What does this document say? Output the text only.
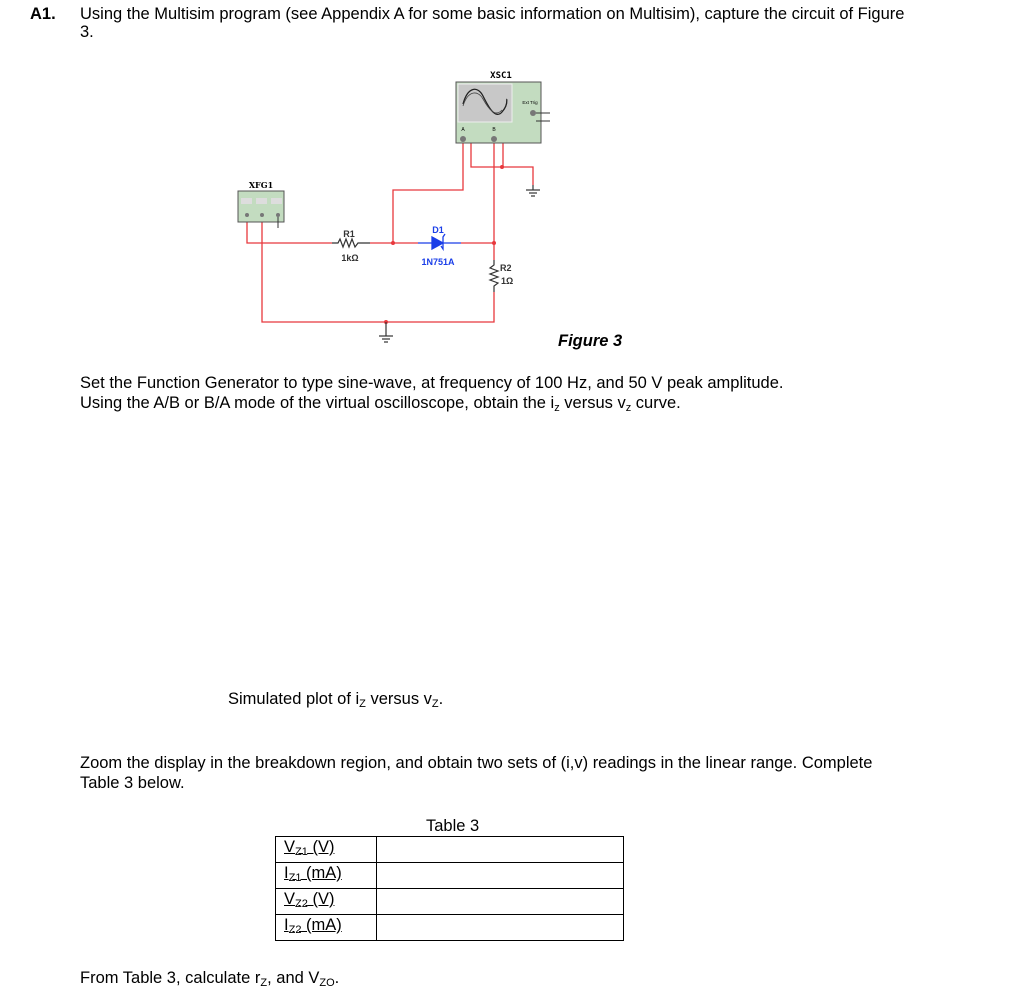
A1. Using the Multisim program (see Appendix A for some basic information on Multisim), capture the circuit of Figure
3.
XSC1
Ext Trig
A	B
XFG1
R1
1kΩ
D1
1N751A
R2
1Ω
Figure 3
Set the Function Generator to type sine-wave, at frequency of 100 Hz, and 50 V peak amplitude.
Using the A/B or B/A mode of the virtual oscilloscope, obtain the $i_z$ versus $v_z$ curve.
Simulated plot of $i_Z$ versus $v_Z$.
Zoom the display in the breakdown region, and obtain two sets of (i,v) readings in the linear range. Complete
Table 3 below.
Table 3
$V_{Z1}$ (V)	
$I_{Z1}$ (mA)	
$V_{Z2}$ (V)	
$I_{Z2}$ (mA)	
From Table 3, calculate $r_Z$, and $V_{ZO}$.
